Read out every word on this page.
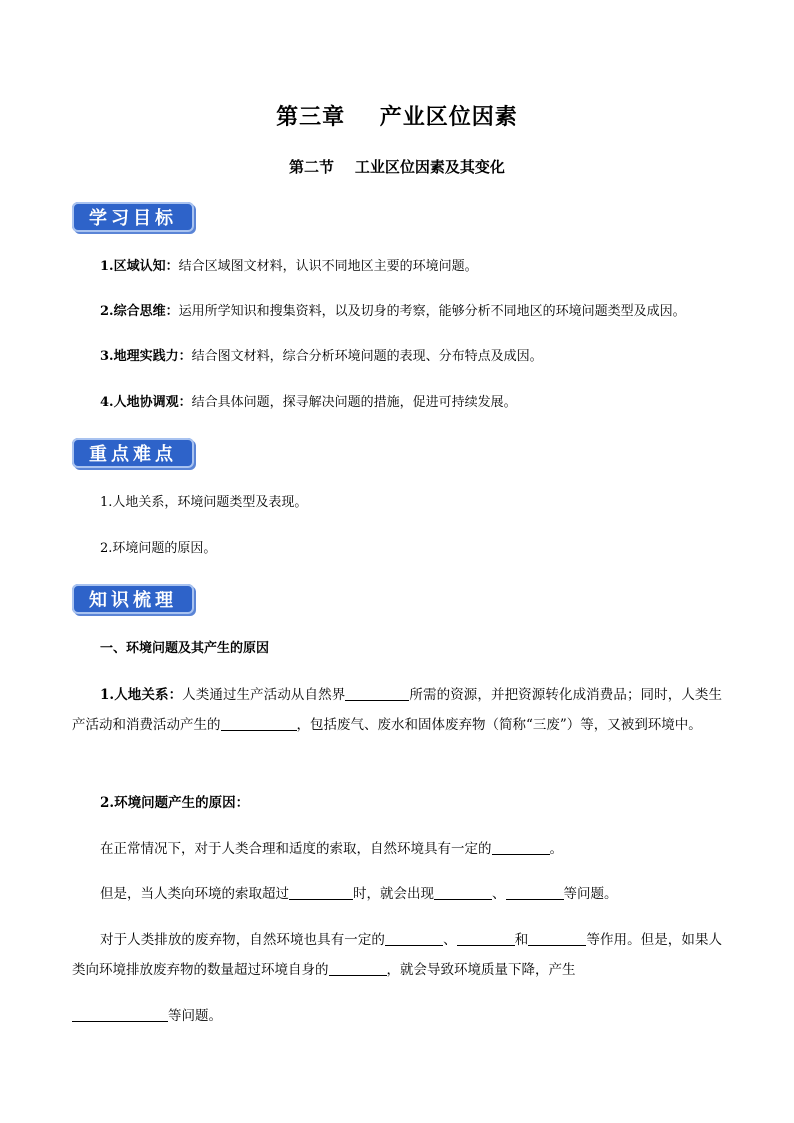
第三章    产业区位因素
第二节    工业区位因素及其变化
学习目标
1.区域认知：结合区域图文材料，认识不同地区主要的环境问题。
2.综合思维：运用所学知识和搜集资料，以及切身的考察，能够分析不同地区的环境问题类型及成因。
3.地理实践力：结合图文材料，综合分析环境问题的表现、分布特点及成因。
4.人地协调观：结合具体问题，探寻解决问题的措施，促进可持续发展。
重点难点
1.人地关系，环境问题类型及表现。
2.环境问题的原因。
知识梳理
一、环境问题及其产生的原因
1.人地关系：人类通过生产活动从自然界	所需的资源，并把资源转化成消费品；同时，人类生产活动和消费活动产生的	，包括废气、废水和固体废弃物（简称“三废”）等，又被到环境中。
2.环境问题产生的原因：
在正常情况下，对于人类合理和适度的索取，自然环境具有一定的	。
但是，当人类向环境的索取超过	时，就会出现	、	等问题。
对于人类排放的废弃物，自然环境也具有一定的	、	和	等作用。但是，如果人类向环境排放废弃物的数量超过环境自身的	，就会导致环境质量下降，产生
等问题。
